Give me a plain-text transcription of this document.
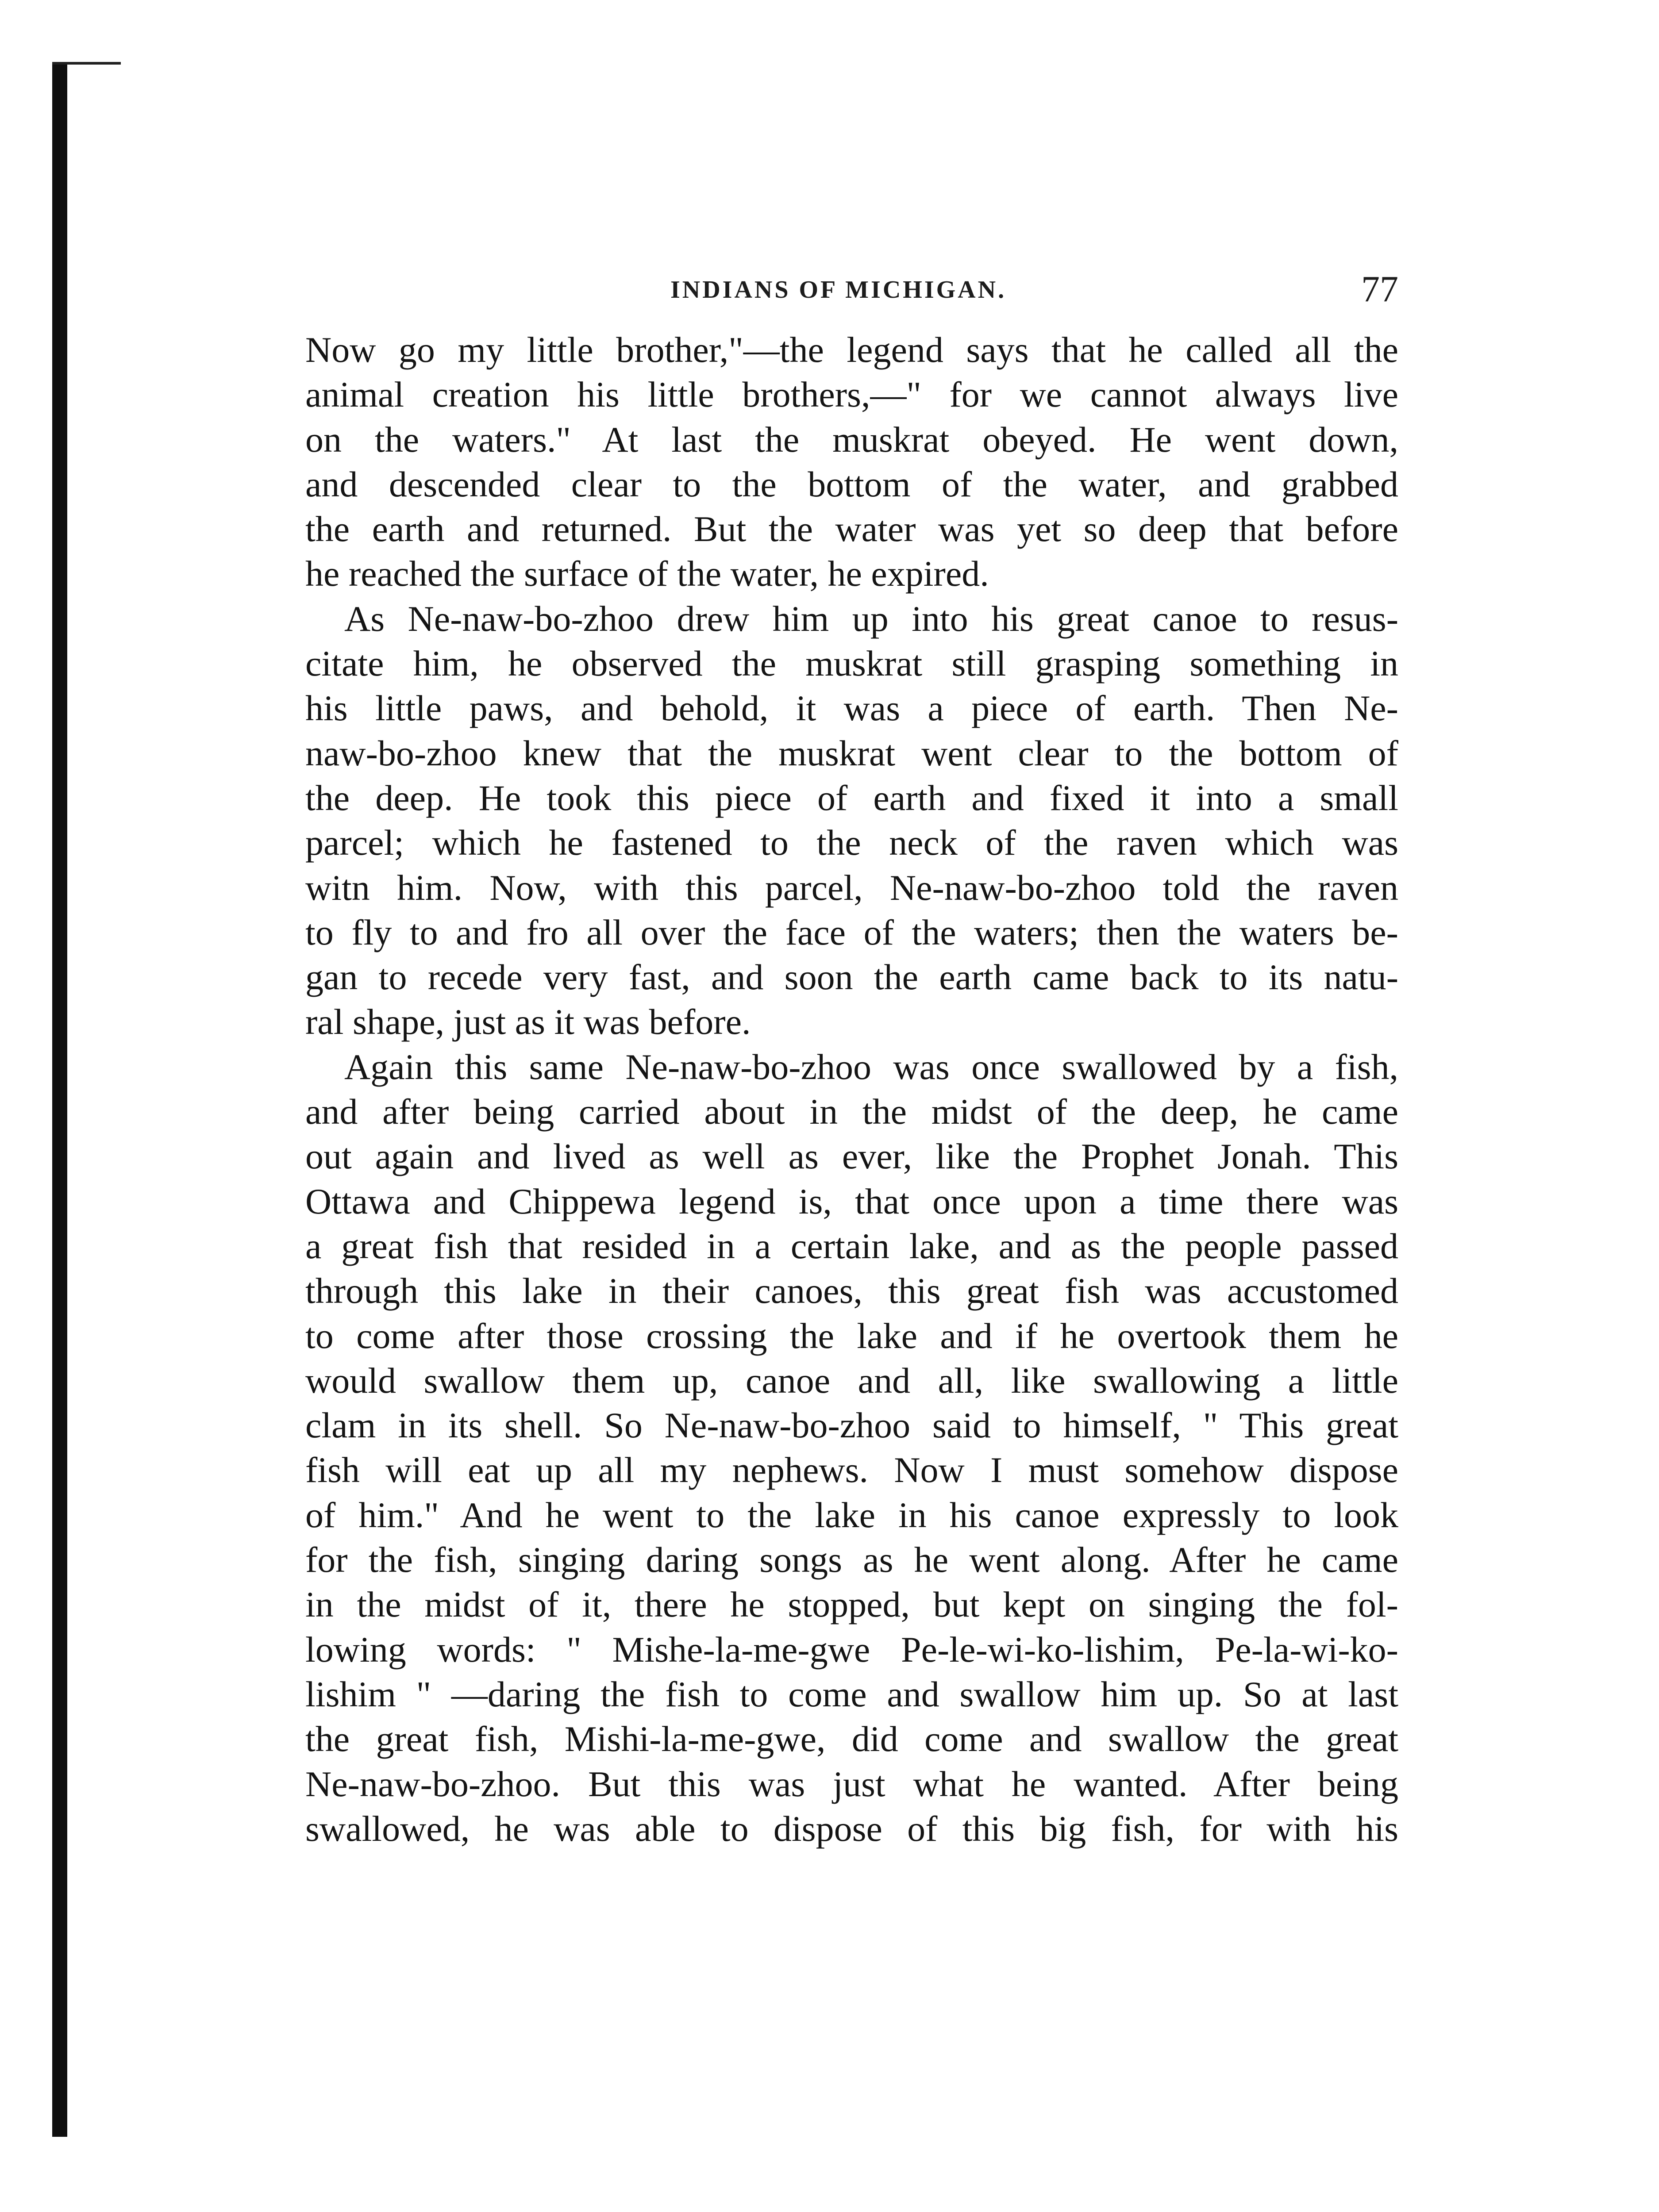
INDIANS OF MICHIGAN.	77
Now go my little brother,"—the legend says that he called all the
animal creation his little brothers,—" for we cannot always live
on the waters." At last the muskrat obeyed. He went down,
and descended clear to the bottom of the water, and grabbed
the earth and returned. But the water was yet so deep that before
he reached the surface of the water, he expired.
As Ne-naw-bo-zhoo drew him up into his great canoe to resus-
citate him, he observed the muskrat still grasping something in
his little paws, and behold, it was a piece of earth. Then Ne-
naw-bo-zhoo knew that the muskrat went clear to the bottom of
the deep. He took this piece of earth and fixed it into a small
parcel; which he fastened to the neck of the raven which was
witn him. Now, with this parcel, Ne-naw-bo-zhoo told the raven
to fly to and fro all over the face of the waters; then the waters be-
gan to recede very fast, and soon the earth came back to its natu-
ral shape, just as it was before.
Again this same Ne-naw-bo-zhoo was once swallowed by a fish,
and after being carried about in the midst of the deep, he came
out again and lived as well as ever, like the Prophet Jonah. This
Ottawa and Chippewa legend is, that once upon a time there was
a great fish that resided in a certain lake, and as the people passed
through this lake in their canoes, this great fish was accustomed
to come after those crossing the lake and if he overtook them he
would swallow them up, canoe and all, like swallowing a little
clam in its shell. So Ne-naw-bo-zhoo said to himself, " This great
fish will eat up all my nephews. Now I must somehow dispose
of him." And he went to the lake in his canoe expressly to look
for the fish, singing daring songs as he went along. After he came
in the midst of it, there he stopped, but kept on singing the fol-
lowing words: " Mishe-la-me-gwe Pe-le-wi-ko-lishim, Pe-la-wi-ko-
lishim " —daring the fish to come and swallow him up. So at last
the great fish, Mishi-la-me-gwe, did come and swallow the great
Ne-naw-bo-zhoo. But this was just what he wanted. After being
swallowed, he was able to dispose of this big fish, for with his
